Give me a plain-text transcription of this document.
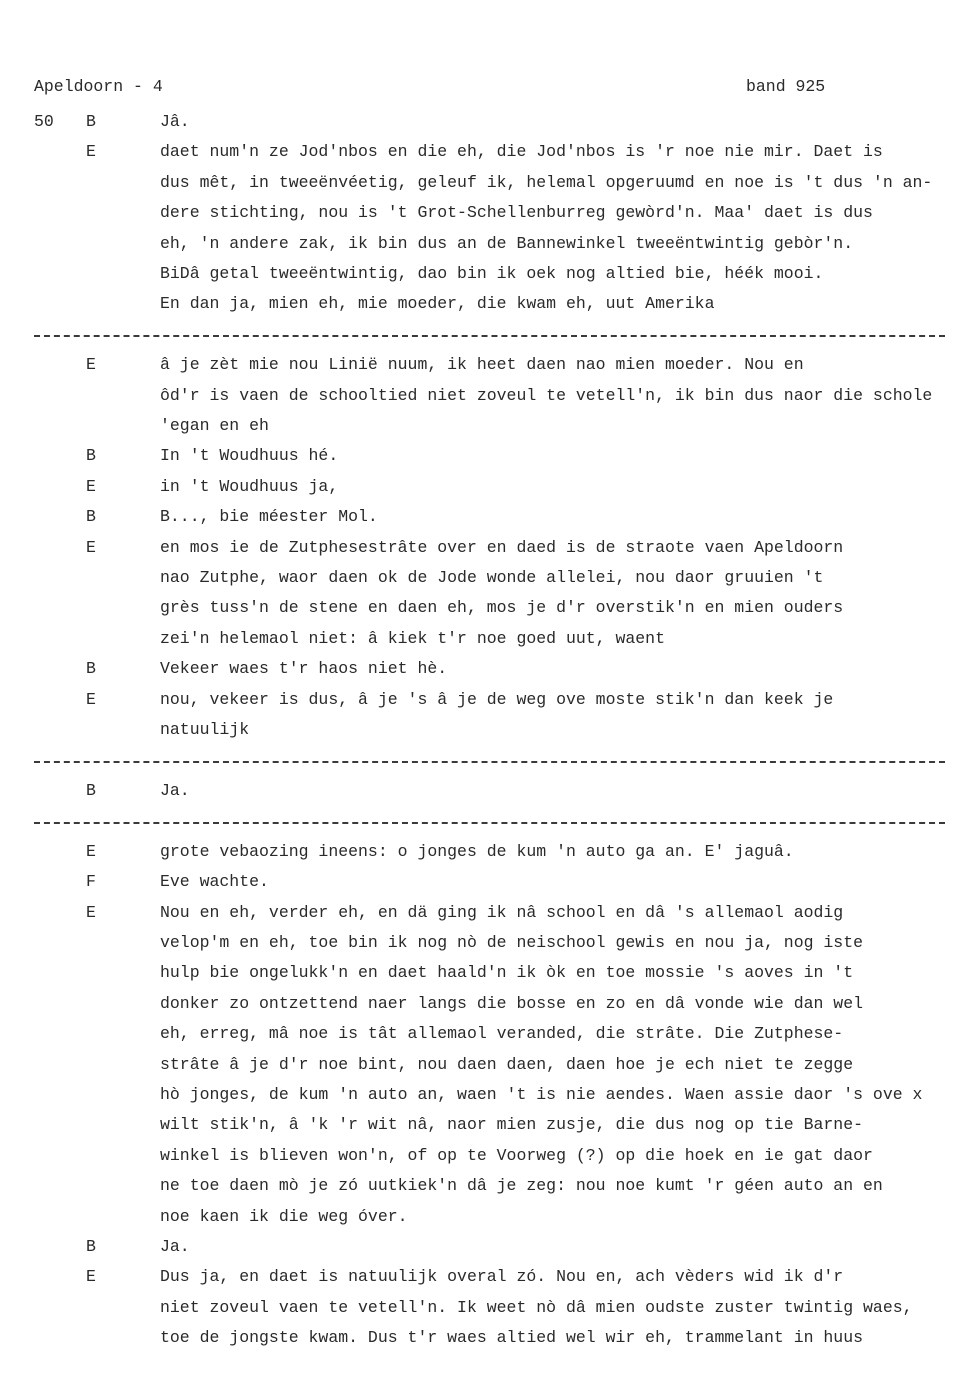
Apeldoorn - 4	band 925
50	B	Jâ.
E	daet num'n ze Jod'nbos en die eh, die Jod'nbos is 'r noe nie mir. Daet is
dus mêt, in tweeënvéetig, geleuf ik, helemal opgeruumd en noe is 't dus 'n an-
dere stichting, nou is 't Grot-Schellenburreg gewòrd'n. Maa' daet is dus
eh, 'n andere zak, ik bin dus an de Bannewinkel tweeëntwintig gebòr'n.
BiDâ getal tweeëntwintig, dao bin ik oek nog altied bie, héék mooi.
En dan ja, mien eh, mie moeder, die kwam eh, uut Amerika
E	â je zèt mie nou Linië nuum, ik heet daen nao mien moeder. Nou en
ôd'r is vaen de schooltied niet zoveul te vetell'n, ik bin dus naor die schole
'egan en eh
B	In 't Woudhuus hé.
E	in 't Woudhuus ja,
B	B..., bie méester Mol.
E	en mos ie de Zutphesestrâte over en daed is de straote vaen Apeldoorn
nao Zutphe, waor daen ok de Jode wonde allelei, nou daor gruuien 't
grès tuss'n de stene en daen eh, mos je d'r overstik'n en mien ouders
zei'n helemaol niet: â kiek t'r noe goed uut, waent
B	Vekeer waes t'r haos niet hè.
E	nou, vekeer is dus, â je 's â je de weg ove moste stik'n dan keek je
natuulijk
B	Ja.
E	grote vebaozing ineens: o jonges de kum 'n auto ga an. E' jaguâ.
F	Eve wachte.
E	Nou en eh, verder eh, en dä ging ik nâ school en dâ 's allemaol aodig
velop'm en eh, toe bin ik nog nò de neischool gewis en nou ja, nog iste
hulp bie ongelukk'n en daet haald'n ik òk en toe mossie 's aoves in 't
donker zo ontzettend naer langs die bosse en zo en dâ vonde wie dan wel
eh, erreg, mâ noe is tât allemaol veranded, die strâte. Die Zutphese-
strâte â je d'r noe bint, nou daen daen, daen hoe je ech niet te zegge
hò jonges, de kum 'n auto an, waen 't is nie aendes. Waen assie daor 's ove x
wilt stik'n, â 'k 'r wit nâ, naor mien zusje, die dus nog op tie Barne-
winkel is blieven won'n, of op te Voorweg (?) op die hoek en ie gat daor
ne toe daen mò je zó uutkiek'n dâ je zeg: nou noe kumt 'r géen auto an en
noe kaen ik die weg óver.
B	Ja.
E	Dus ja, en daet is natuulijk overal zó. Nou en, ach vèders wid ik d'r
niet zoveul vaen te vetell'n. Ik weet nò dâ mien oudste zuster twintig waes,
toe de jongste kwam. Dus t'r waes altied wel wir eh, trammelant in huus
